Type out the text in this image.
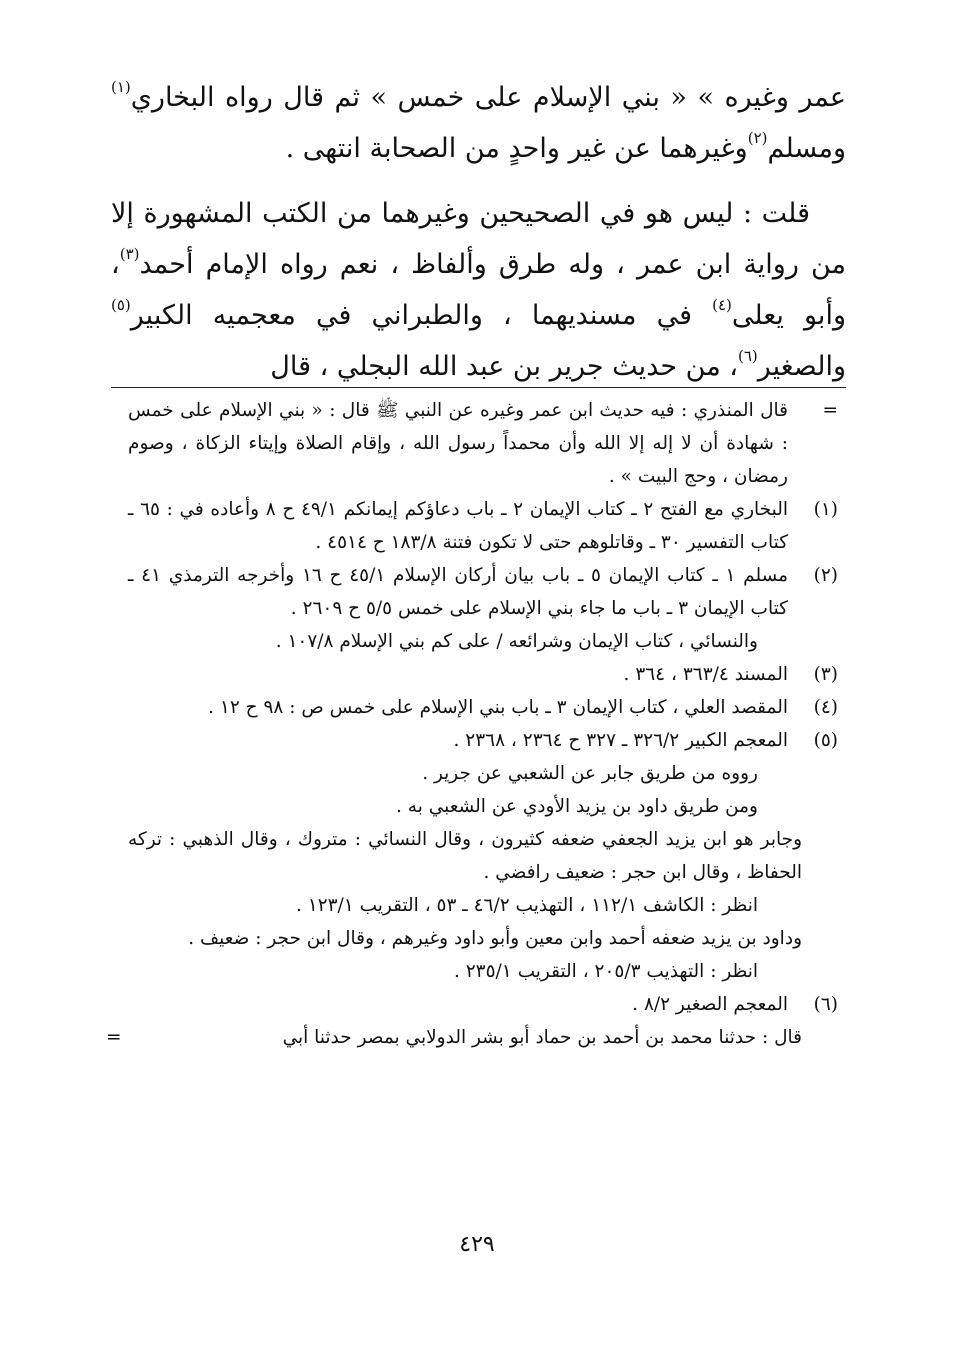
عمر وغيره » « بني الإسلام على خمس » ثم قال رواه البخاري$^{(١)}$ ومسلم$^{(٢)}$وغيرهما عن غير واحدٍ من الصحابة انتهى .

قلت : ليس هو في الصحيحين وغيرهما من الكتب المشهورة إلا من رواية ابن عمر ، وله طرق وألفاظ ، نعم رواه الإمام أحمد$^{(٣)}$، وأبو يعلى$^{(٤)}$ في مسنديهما ، والطبراني في معجميه الكبير$^{(٥)}$ والصغير$^{(٦)}$، من حديث جرير بن عبد الله البجلي ، قال

=
قال المنذري : فيه حديث ابن عمر وغيره عن النبي ﷺ قال : « بني الإسلام على خمس : شهادة أن لا إله إلا الله وأن محمداً رسول الله ، وإقام الصلاة وإيتاء الزكاة ، وصوم رمضان ، وحج البيت » .
(١)
البخاري مع الفتح ٢ ـ كتاب الإيمان ٢ ـ باب دعاؤكم إيمانكم ٤٩/١ ح ٨ وأعاده في : ٦٥ ـ كتاب التفسير ٣٠ ـ وقاتلوهم حتى لا تكون فتنة ١٨٣/٨ ح ٤٥١٤ .
(٢)
مسلم ١ ـ كتاب الإيمان ٥ ـ باب بيان أركان الإسلام ٤٥/١ ح ١٦ وأخرجه الترمذي ٤١ ـ كتاب الإيمان ٣ ـ باب ما جاء بني الإسلام على خمس ٥/٥ ح ٢٦٠٩ .
والنسائي ، كتاب الإيمان وشرائعه / على كم بني الإسلام ١٠٧/٨ .
(٣)
المسند ٣٦٣/٤ ، ٣٦٤ .
(٤)
المقصد العلي ، كتاب الإيمان ٣ ـ باب بني الإسلام على خمس ص : ٩٨ ح ١٢ .
(٥)
المعجم الكبير ٣٢٦/٢ ـ ٣٢٧ ح ٢٣٦٤ ، ٢٣٦٨ .
رووه من طريق جابر عن الشعبي عن جرير .
ومن طريق داود بن يزيد الأودي عن الشعبي به .
وجابر هو ابن يزيد الجعفي ضعفه كثيرون ، وقال النسائي : متروك ، وقال الذهبي : تركه الحفاظ ، وقال ابن حجر : ضعيف رافضي .
انظر : الكاشف ١١٢/١ ، التهذيب ٤٦/٢ ـ ٥٣ ، التقريب ١٢٣/١ .
وداود بن يزيد ضعفه أحمد وابن معين وأبو داود وغيرهم ، وقال ابن حجر : ضعيف .
انظر : التهذيب ٢٠٥/٣ ، التقريب ٢٣٥/١ .
(٦)
المعجم الصغير ٨/٢ .
قال : حدثنا محمد بن أحمد بن حماد أبو بشر الدولابي بمصر حدثنا أبي
=
٤٢٩
